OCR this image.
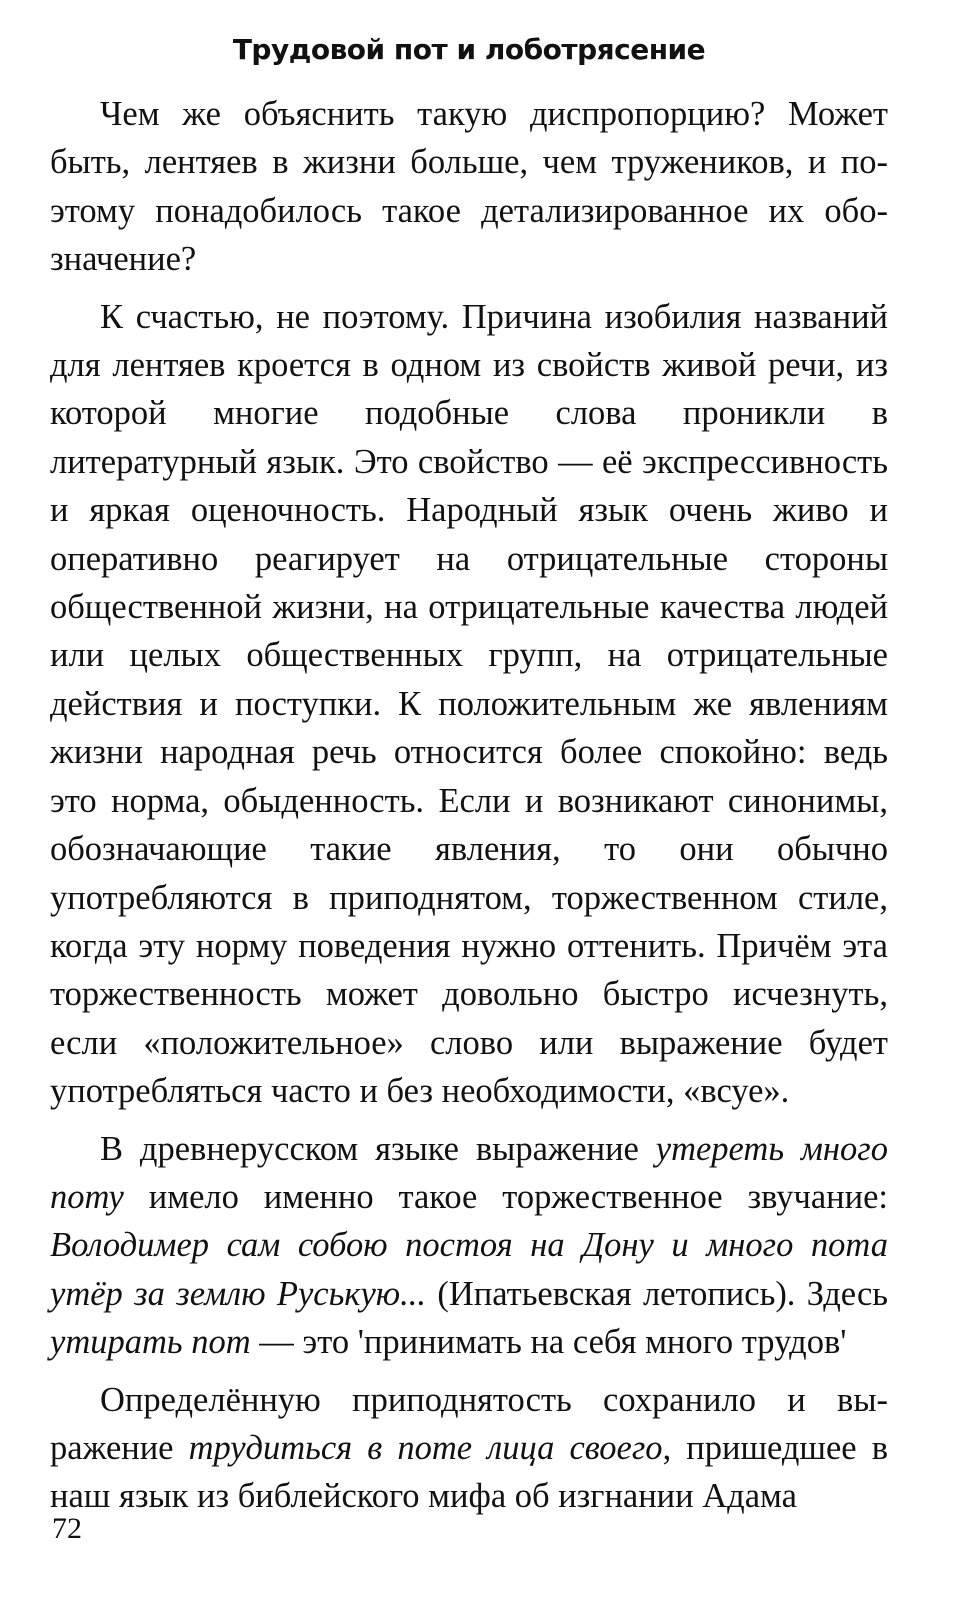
Трудовой пот и лоботрясение

Чем же объяснить такую диспропорцию? Может быть, лентяев в жизни больше, чем тружеников, и поэтому понадобилось такое детализированное их обозначение?

К счастью, не поэтому. Причина изобилия названий для лентяев кроется в одном из свойств живой речи, из которой многие подобные слова проникли в литературный язык. Это свойство — её экспрессивность и яркая оценочность. Народный язык очень живо и оперативно реагирует на отрицательные стороны общественной жизни, на отрицательные качества людей или целых общественных групп, на отрицательные действия и поступки. К положительным же явлениям жизни народная речь относится более спокойно: ведь это норма, обыденность. Если и возникают синонимы, обозначающие такие явления, то они обычно употребляются в приподнятом, торжественном стиле, когда эту норму поведения нужно оттенить. Причём эта торжественность может довольно быстро исчезнуть, если «положительное» слово или выражение будет употребляться часто и без необходимости, «всуе».

В древнерусском языке выражение утереть много поту имело именно такое торжественное звучание: Володимер сам собою постоя на Дону и много пота утёр за землю Руськую... (Ипатьевская летопись). Здесь утирать пот — это 'принимать на себя много трудов'

Определённую приподнятость сохранило и выражение трудиться в поте лица своего, пришедшее в наш язык из библейского мифа об изгнании Адама

72
